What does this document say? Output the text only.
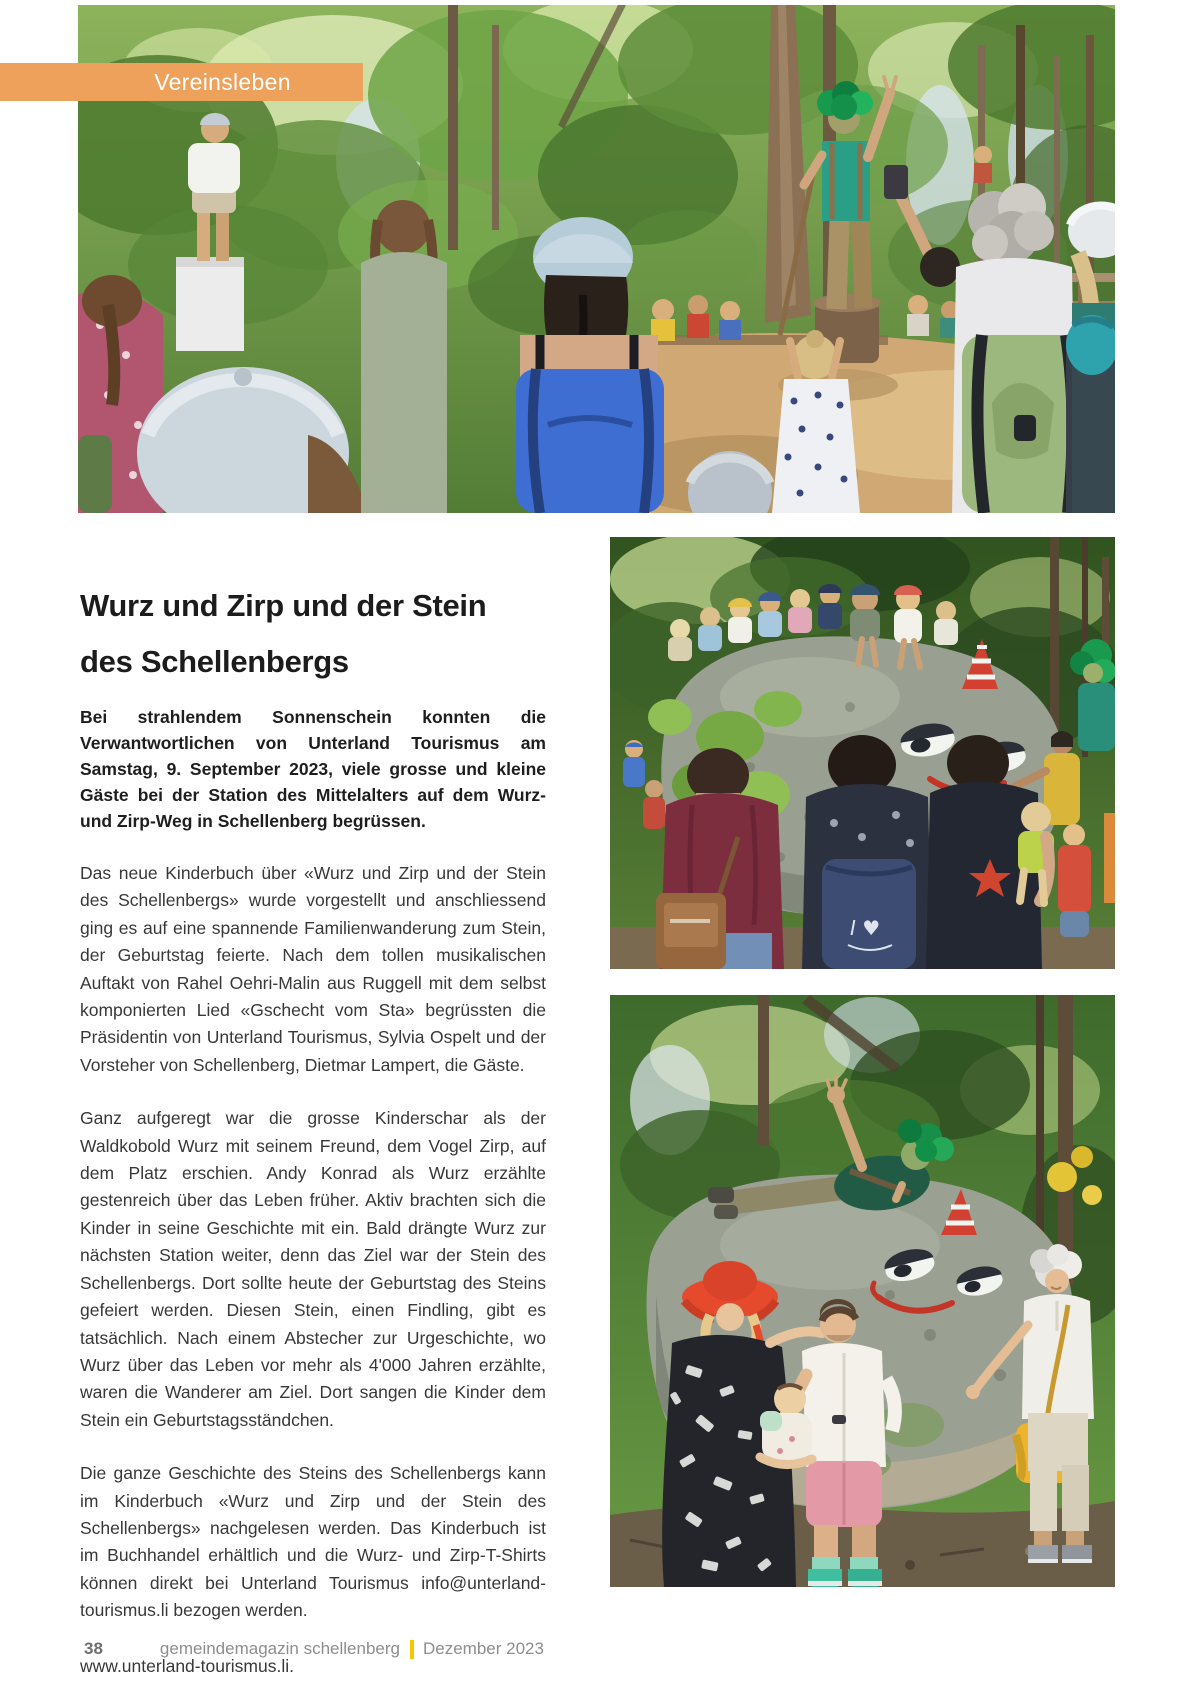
Vereinsleben
Wurz und Zirp und der Stein
des Schellenbergs

Bei strahlendem Sonnenschein konnten die Verwantwortlichen von Unterland Tourismus am Samstag, 9. September 2023, viele grosse und kleine Gäste bei der Station des Mittelalters auf dem Wurz- und Zirp-Weg in Schellenberg begrüssen.

Das neue Kinderbuch über «Wurz und Zirp und der Stein des Schellenbergs» wurde vorgestellt und anschliessend ging es auf eine spannende Familienwanderung zum Stein, der Geburtstag feierte. Nach dem tollen musikalischen Auftakt von Rahel Oehri-Malin aus Ruggell mit dem selbst komponierten Lied «Gschecht vom Sta» begrüssten die Präsidentin von Unterland Tourismus, Sylvia Ospelt und der Vorsteher von Schellenberg, Dietmar Lampert, die Gäste.

Ganz aufgeregt war die grosse Kinderschar als der Waldkobold Wurz mit seinem Freund, dem Vogel Zirp, auf dem Platz erschien. Andy Konrad als Wurz erzählte gestenreich über das Leben früher. Aktiv brachten sich die Kinder in seine Geschichte mit ein. Bald drängte Wurz zur nächsten Station weiter, denn das Ziel war der Stein des Schellenbergs. Dort sollte heute der Geburtstag des Steins gefeiert werden. Diesen Stein, einen Findling, gibt es tatsächlich. Nach einem Abstecher zur Urgeschichte, wo Wurz über das Leben vor mehr als 4'000 Jahren erzählte, waren die Wanderer am Ziel. Dort sangen die Kinder dem Stein ein Geburtstagsständchen.

Die ganze Geschichte des Steins des Schellenbergs kann im Kinderbuch «Wurz und Zirp und der Stein des Schellenbergs» nachgelesen werden. Das Kinderbuch ist im Buchhandel erhältlich und die Wurz- und Zirp-T-Shirts können direkt bei Unterland Tourismus info@unterland-tourismus.li bezogen werden.

www.unterland-tourismus.li.

I ♥
38	gemeindemagazin schellenberg Dezember 2023
